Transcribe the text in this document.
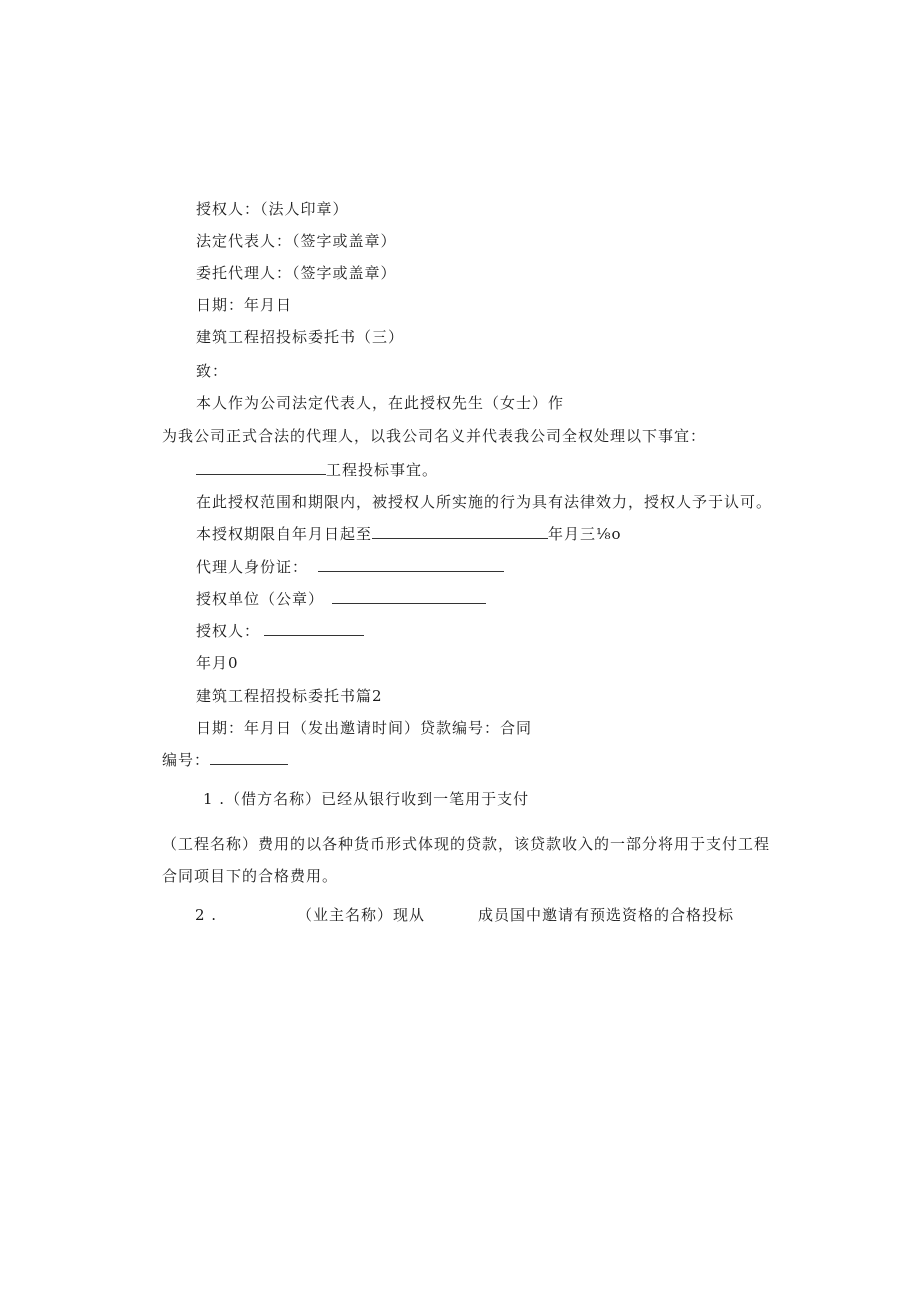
授权人：（法人印章）
法定代表人：（签字或盖章）
委托代理人：（签字或盖章）
日期：年月日
建筑工程招投标委托书（三）
致：
本人作为公司法定代表人，在此授权先生（女士）作
为我公司正式合法的代理人，以我公司名义并代表我公司全权处理以下事宜：
工程投标事宜。
在此授权范围和期限内，被授权人所实施的行为具有法律效力，授权人予于认可。
本授权期限自年月日起至	年月三⅛o
代理人身份证：
授权单位（公章）
授权人：
年月0
建筑工程招投标委托书篇2
日期：年月日（发出邀请时间）贷款编号：合同
编号：
1 .（借方名称）已经从银行收到一笔用于支付
（工程名称）费用的以各种货币形式体现的贷款，该贷款收入的一部分将用于支付工程
合同项目下的合格费用。
2 .	（业主名称）现从	成员国中邀请有预选资格的合格投标
